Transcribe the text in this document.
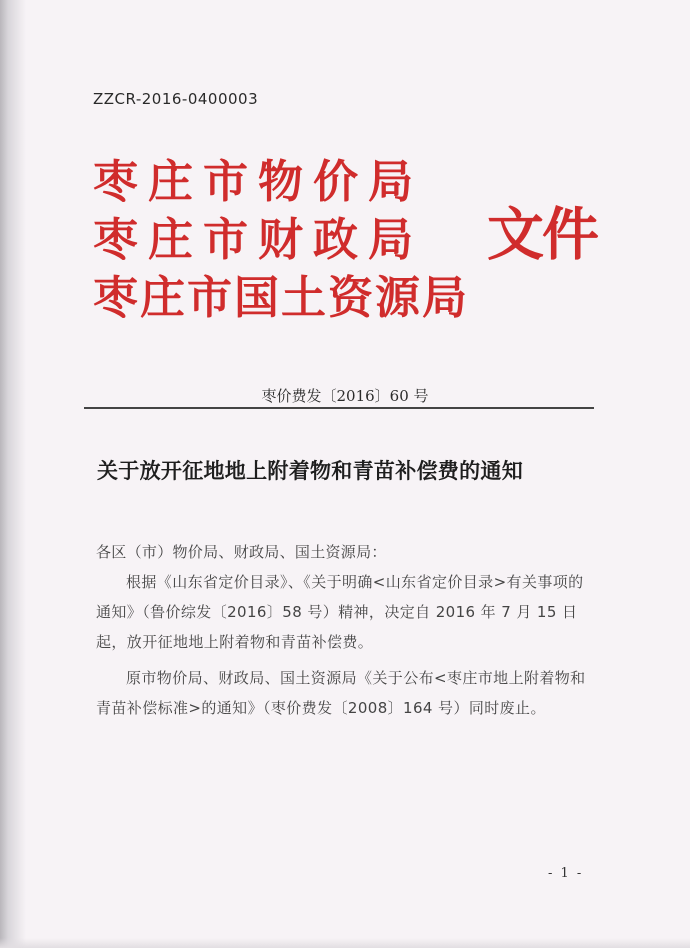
ZZCR-2016-0400003
枣庄市物价局
枣庄市财政局
枣庄市国土资源局
文件
枣价费发〔2016〕60 号
关于放开征地地上附着物和青苗补偿费的通知

各区（市）物价局、财政局、国土资源局：

根据《山东省定价目录》、《关于明确<山东省定价目录>有关事项的通知》（鲁价综发〔2016〕58 号）精神，决定自 2016 年 7 月 15 日起，放开征地地上附着物和青苗补偿费。

原市物价局、财政局、国土资源局《关于公布<枣庄市地上附着物和青苗补偿标准>的通知》（枣价费发〔2008〕164 号）同时废止。

- 1 -
